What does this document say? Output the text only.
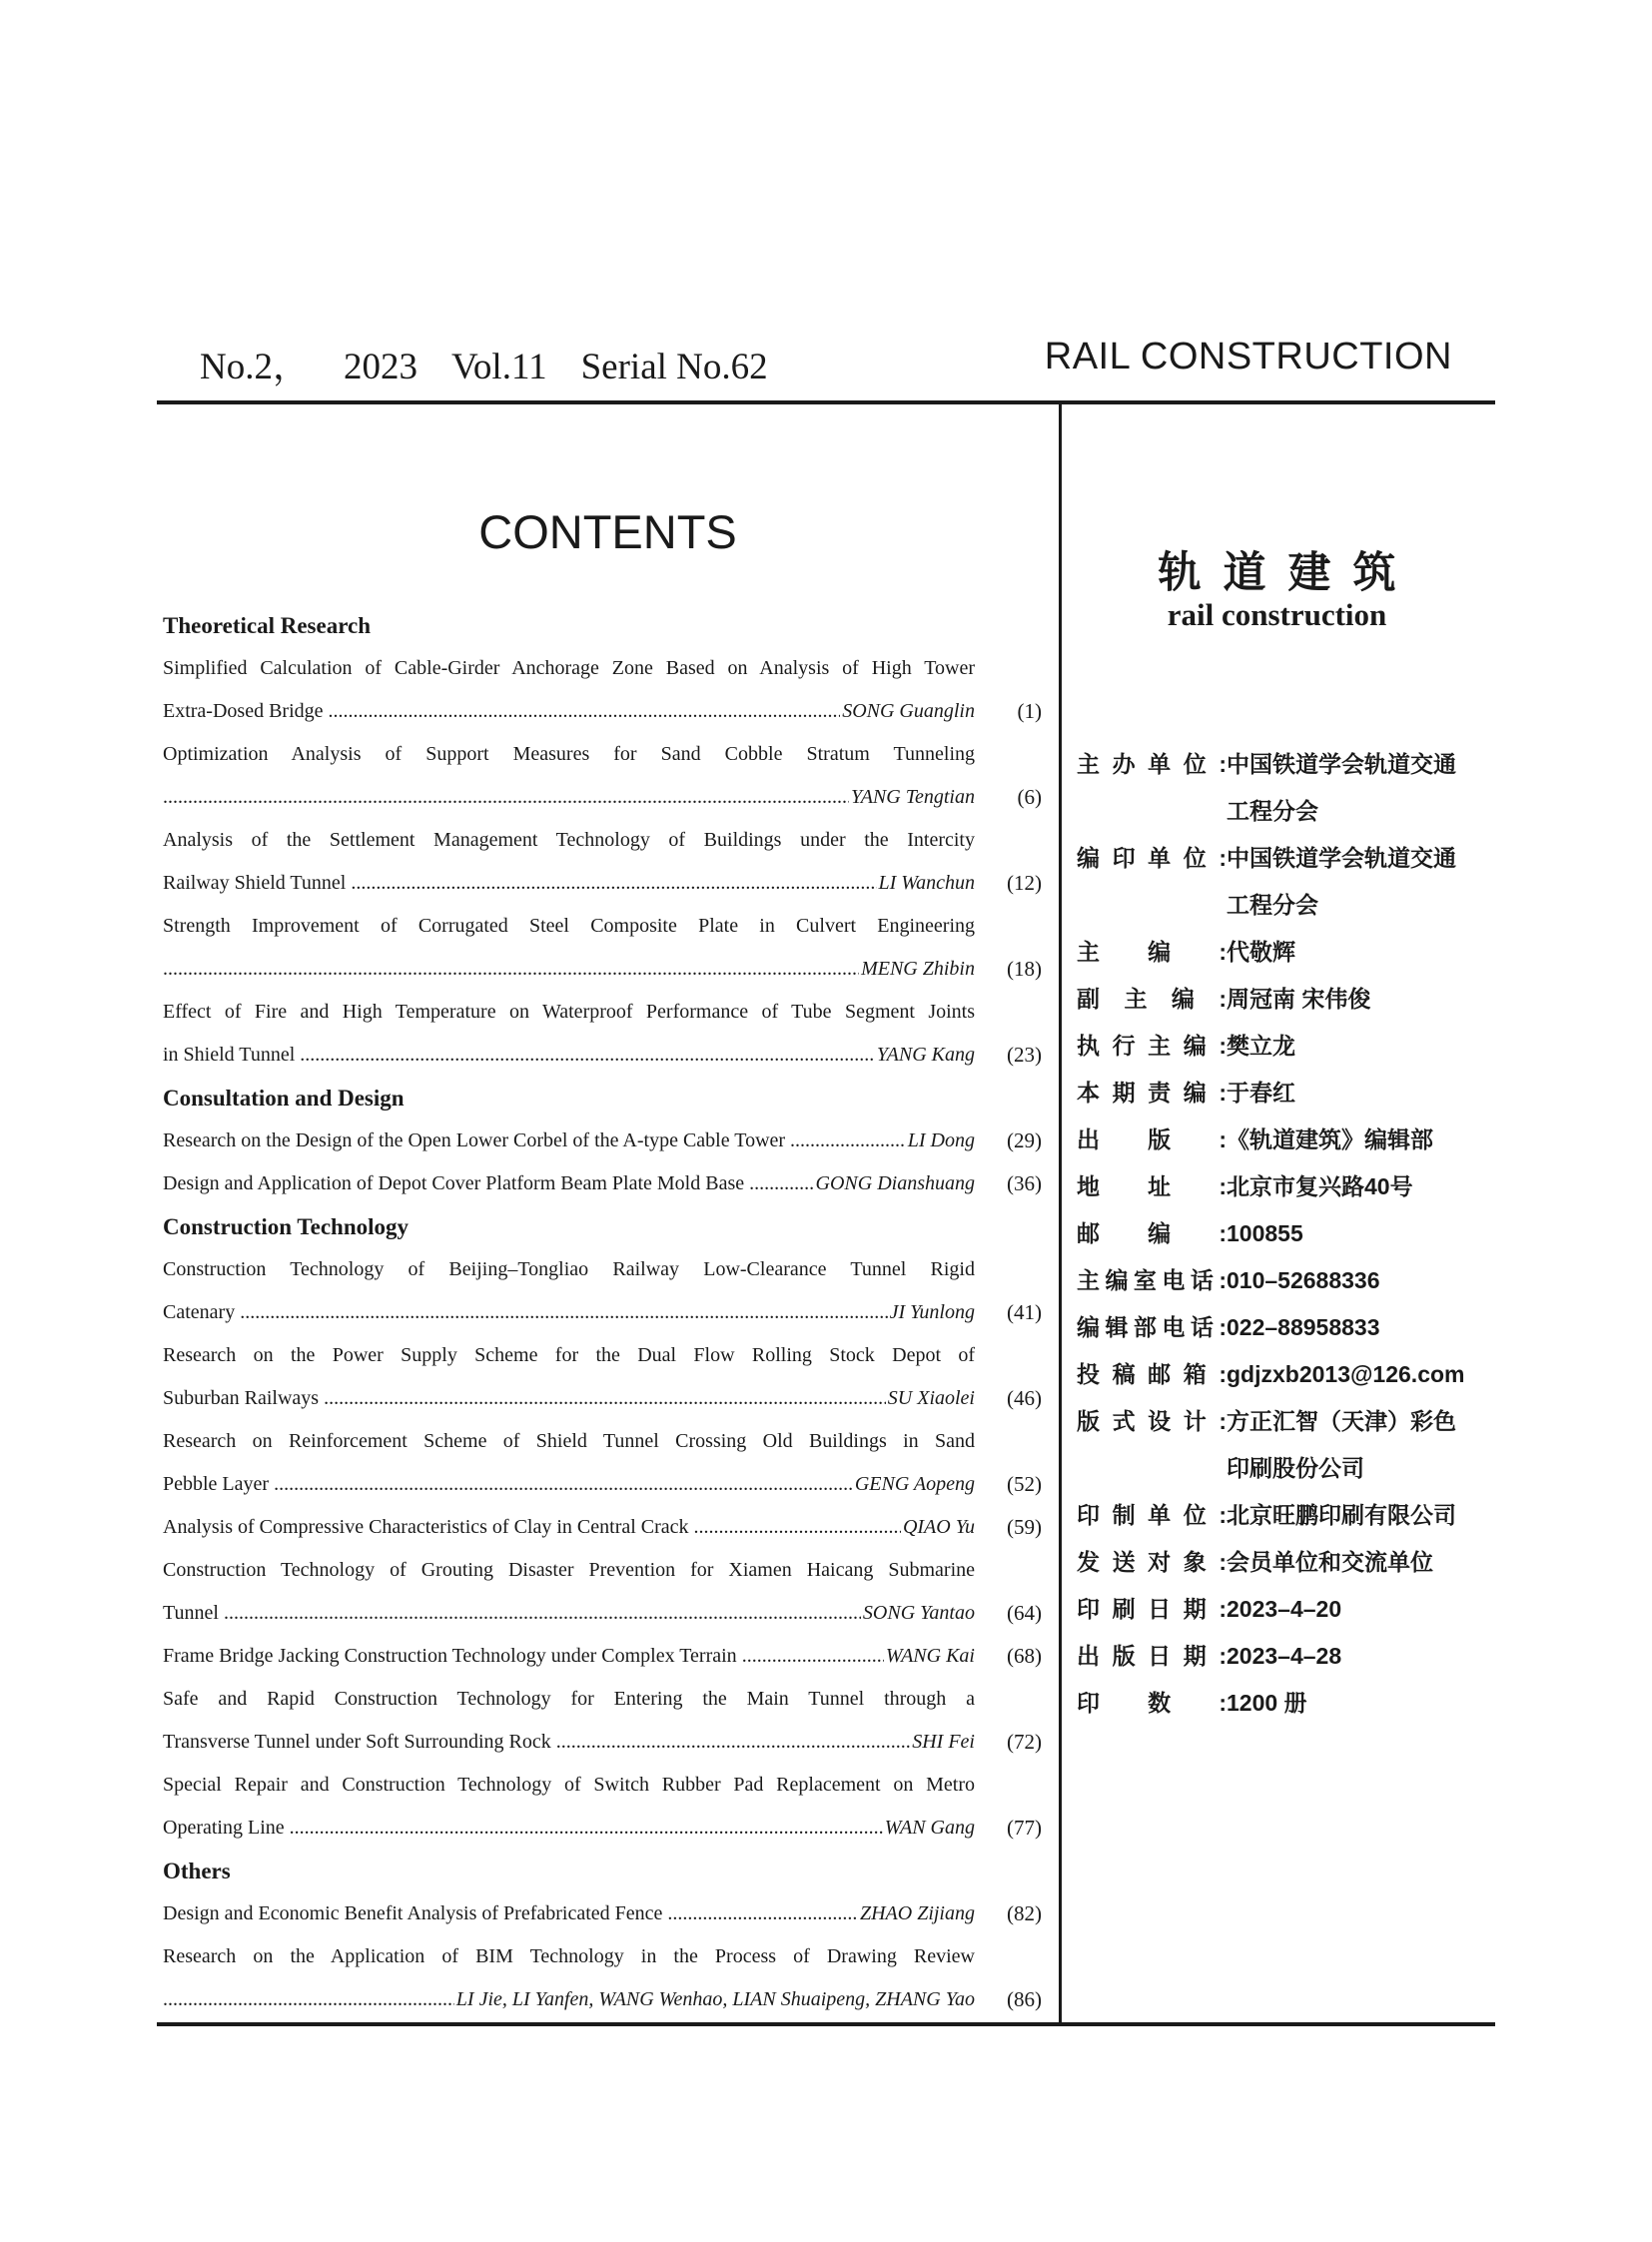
No.2， 2023 Vol.11 Serial No.62	RAIL CONSTRUCTION
CONTENTS
Theoretical Research
Simplified Calculation of Cable-Girder Anchorage Zone Based on Analysis of High Tower
Extra-Dosed Bridge .....	SONG Guanglin	(1)
Optimization Analysis of Support Measures for Sand Cobble Stratum Tunneling
.....
YANG Tengtian	(6)
Analysis of the Settlement Management Technology of Buildings under the Intercity
Railway Shield Tunnel .....	LI Wanchun	(12)
Strength Improvement of Corrugated Steel Composite Plate in Culvert Engineering
.....
MENG Zhibin	(18)
Effect of Fire and High Temperature on Waterproof Performance of Tube Segment Joints
in Shield Tunnel .....	YANG Kang	(23)
Consultation and Design
Research on the Design of the Open Lower Corbel of the A-type Cable Tower .....	LI Dong	(29)
Design and Application of Depot Cover Platform Beam Plate Mold Base .....	GONG Dianshuang	(36)
Construction Technology
Construction Technology of Beijing–Tongliao Railway Low-Clearance Tunnel Rigid
Catenary .....	JI Yunlong	(41)
Research on the Power Supply Scheme for the Dual Flow Rolling Stock Depot of
Suburban Railways .....	SU Xiaolei	(46)
Research on Reinforcement Scheme of Shield Tunnel Crossing Old Buildings in Sand
Pebble Layer .....	GENG Aopeng	(52)
Analysis of Compressive Characteristics of Clay in Central Crack .....	QIAO Yu	(59)
Construction Technology of Grouting Disaster Prevention for Xiamen Haicang Submarine
Tunnel .....	SONG Yantao	(64)
Frame Bridge Jacking Construction Technology under Complex Terrain .....	WANG Kai	(68)
Safe and Rapid Construction Technology for Entering the Main Tunnel through a
Transverse Tunnel under Soft Surrounding Rock .....	SHI Fei	(72)
Special Repair and Construction Technology of Switch Rubber Pad Replacement on Metro
Operating Line .....	WAN Gang	(77)
Others
Design and Economic Benefit Analysis of Prefabricated Fence .....	ZHAO Zijiang	(82)
Research on the Application of BIM Technology in the Process of Drawing Review
.....
LI Jie, LI Yanfen, WANG Wenhao, LIAN Shuaipeng, ZHANG Yao	(86)
轨道建筑
rail construction
主办单位: 中国铁道学会轨道交通
工程分会
编印单位: 中国铁道学会轨道交通
工程分会
主编: 代敬辉
副主编: 周冠南 宋伟俊
执行主编: 樊立龙
本期责编: 于春红
出版: 《轨道建筑》编辑部
地址: 北京市复兴路40号
邮编: 100855
主编室电话: 010–52688336
编辑部电话: 022–88958833
投稿邮箱: gdjzxb2013@126.com
版式设计: 方正汇智（天津）彩色
印刷股份公司
印制单位: 北京旺鹏印刷有限公司
发送对象: 会员单位和交流单位
印刷日期: 2023–4–20
出版日期: 2023–4–28
印数: 1200 册
